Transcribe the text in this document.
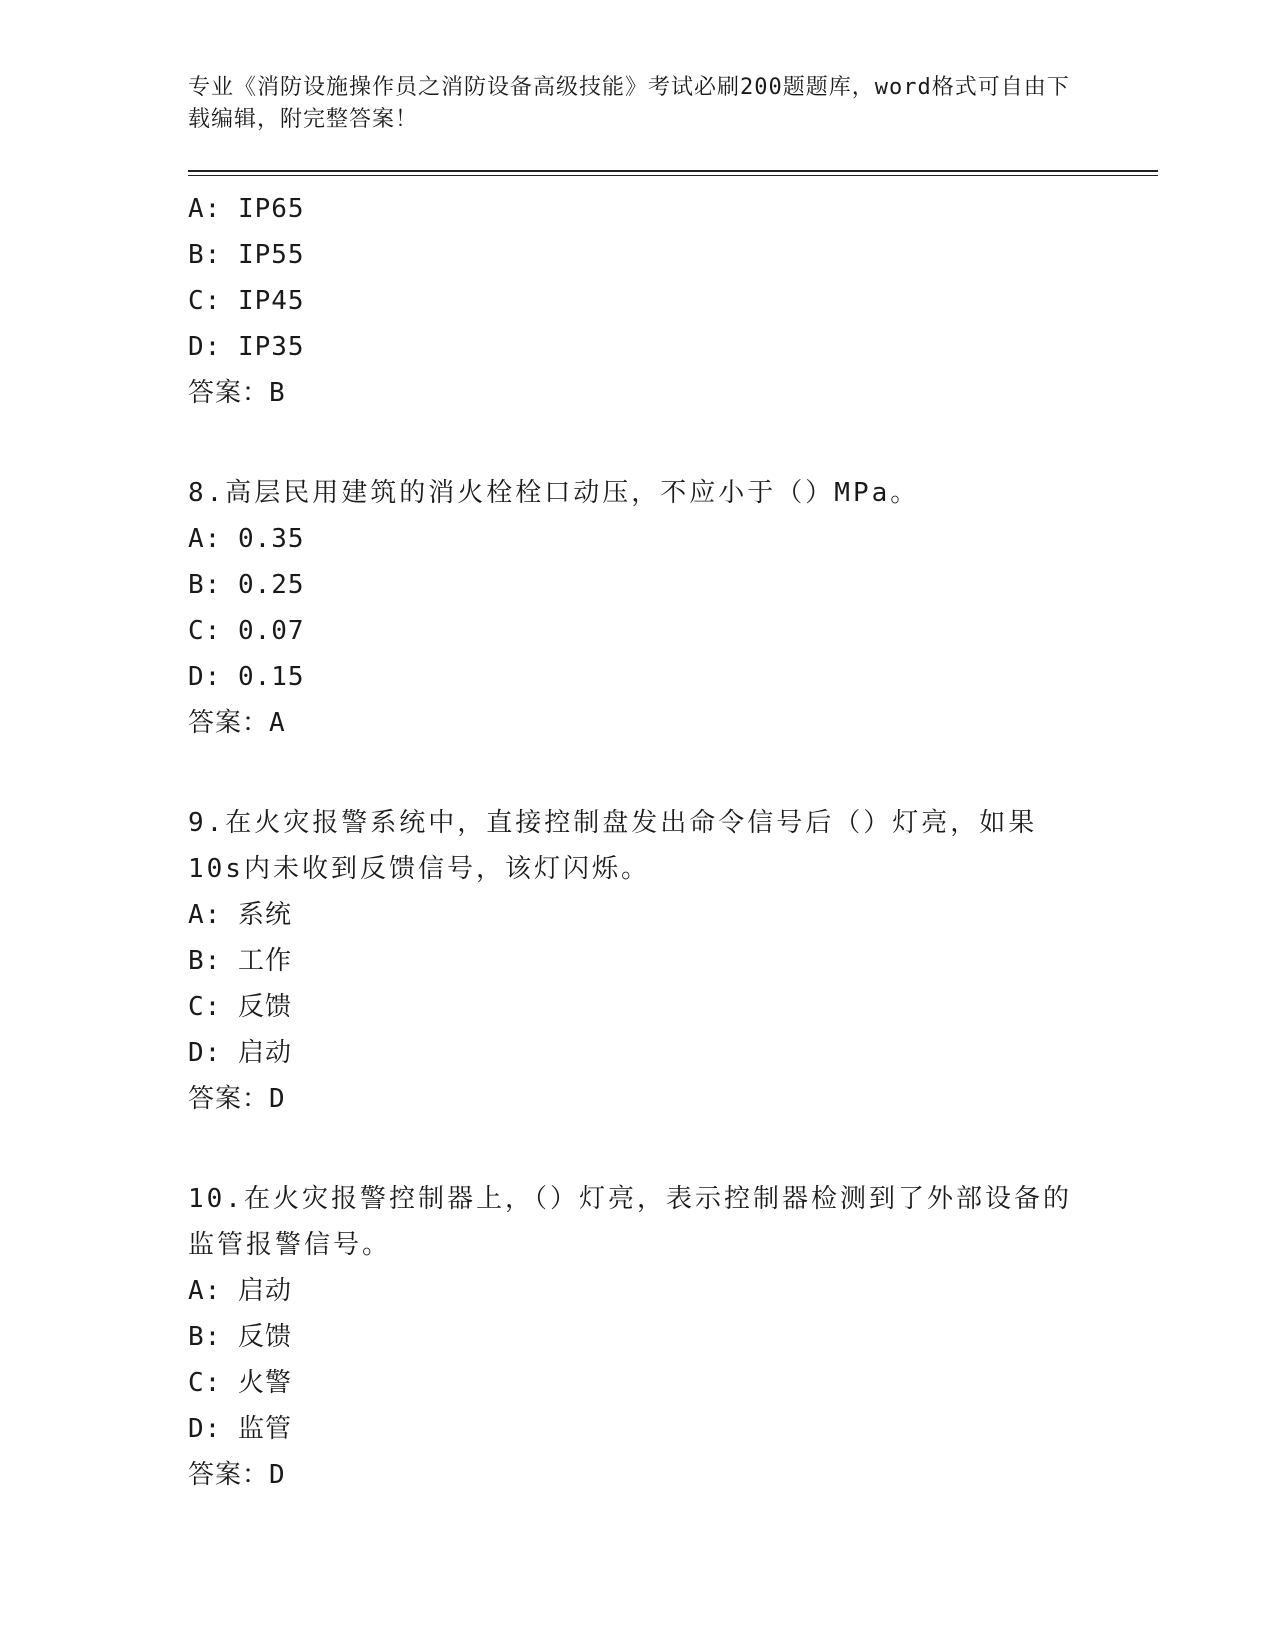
专业《消防设施操作员之消防设备高级技能》考试必刷200题题库，word格式可自由下载编辑，附完整答案！

A: IP65
B: IP55
C: IP45
D: IP35
答案：B

8.高层民用建筑的消火栓栓口动压，不应小于（）MPa。

A: 0.35
B: 0.25
C: 0.07
D: 0.15
答案：A

9.在火灾报警系统中，直接控制盘发出命令信号后（）灯亮，如果10s内未收到反馈信号，该灯闪烁。

A: 系统
B: 工作
C: 反馈
D: 启动
答案：D

10.在火灾报警控制器上，（）灯亮，表示控制器检测到了外部设备的监管报警信号。

A: 启动
B: 反馈
C: 火警
D: 监管
答案：D
